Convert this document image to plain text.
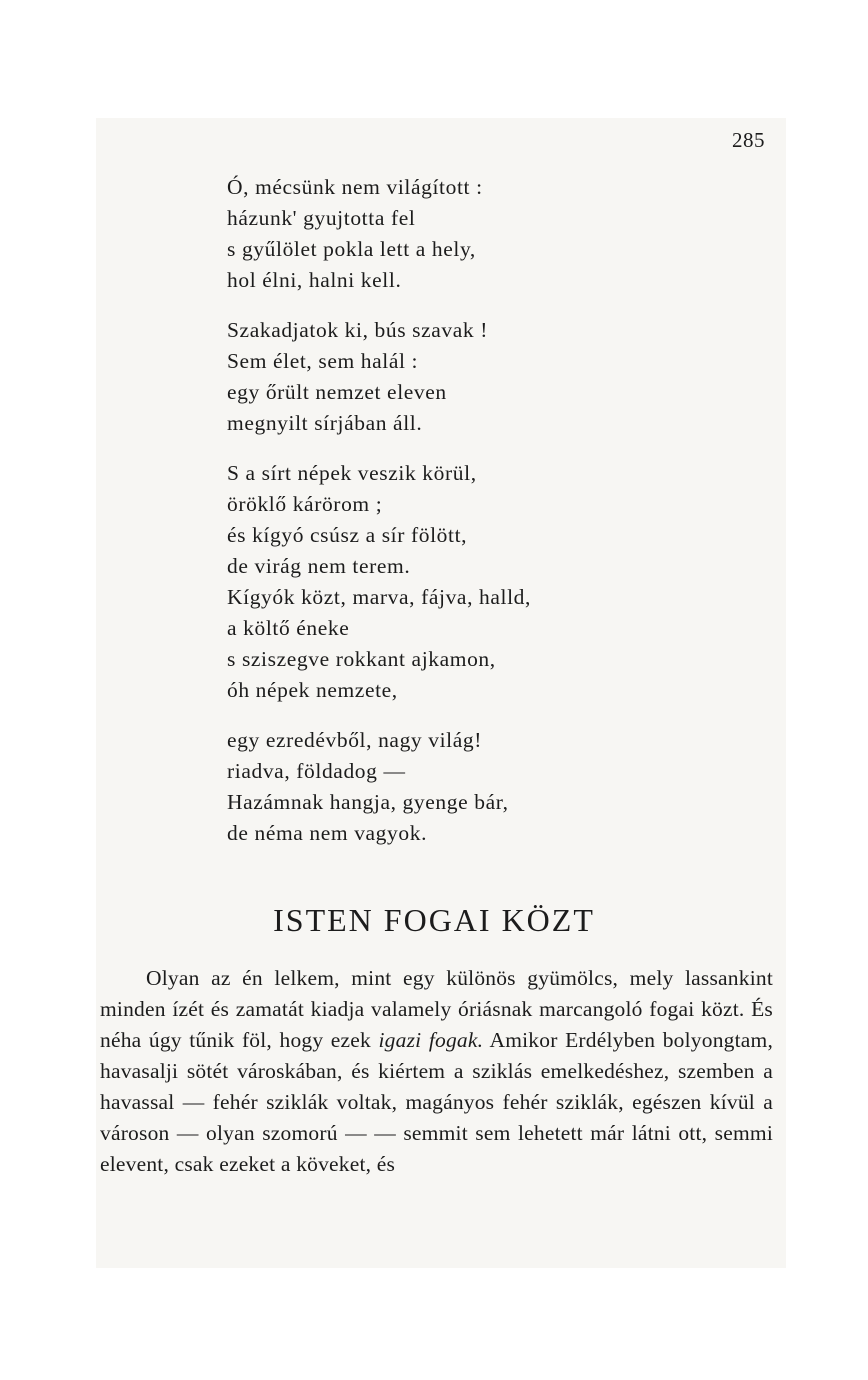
285
Ó, mécsünk nem világított :
házunk' gyujtotta fel
s gyűlölet pokla lett a hely,
hol élni, halni kell.
Szakadjatok ki, bús szavak !
Sem élet, sem halál :
egy őrült nemzet eleven
megnyilt sírjában áll.
S a sírt népek veszik körül,
öröklő kárörom ;
és kígyó csúsz a sír fölött,
de virág nem terem.
Kígyók közt, marva, fájva, halld,
a költő éneke
s sziszegve rokkant ajkamon,
óh népek nemzete,
egy ezredévből, nagy világ!
riadva, földadog —
Hazámnak hangja, gyenge bár,
de néma nem vagyok.
ISTEN FOGAI KÖZT

Olyan az én lelkem, mint egy különös gyümölcs, mely lassankint minden ízét és zamatát kiadja valamely óriásnak marcangoló fogai közt. És néha úgy tűnik föl, hogy ezek igazi fogak. Amikor Erdélyben bolyongtam, havasalji sötét városkában, és kiértem a sziklás emelkedéshez, szemben a havassal — fehér sziklák voltak, magányos fehér sziklák, egészen kívül a városon — olyan szomorú — — semmit sem lehetett már látni ott, semmi elevent, csak ezeket a köveket, és
